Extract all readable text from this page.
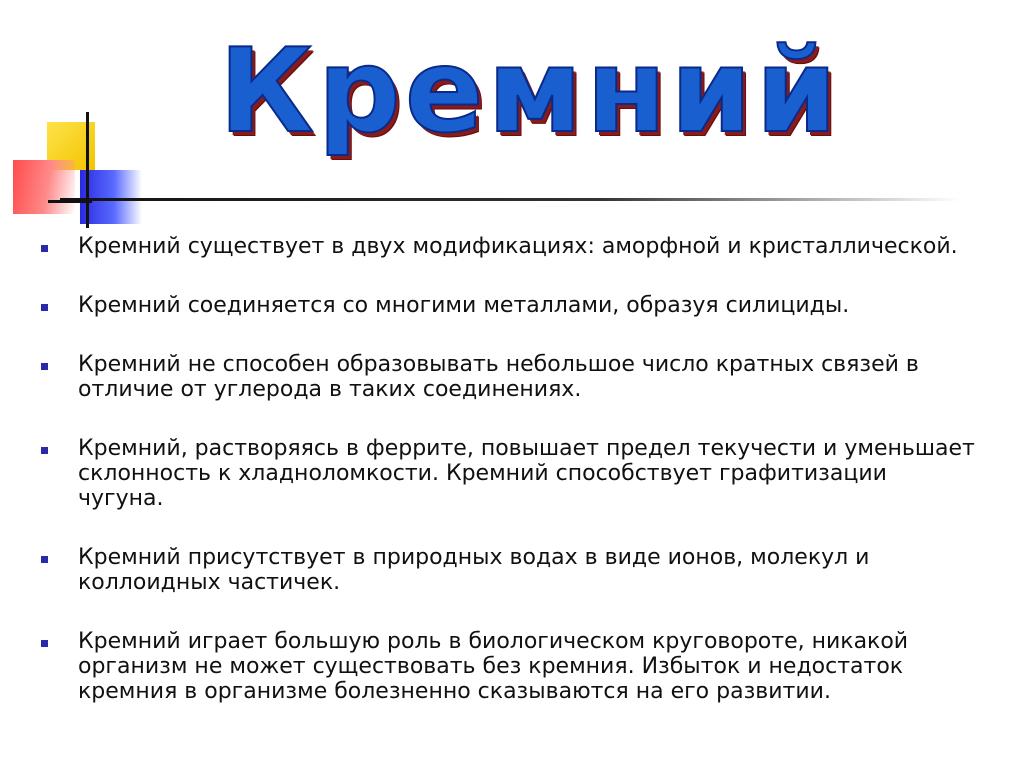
Кремний
Кремний существует в двух модификациях: аморфной и кристаллической.
Кремний соединяется со многими металлами, образуя силициды.
Кремний не способен образовывать небольшое число кратных связей в отличие от углерода в таких соединениях.
Кремний, растворяясь в феррите, повышает предел текучести и уменьшает склонность к хладноломкости. Кремний способствует графитизации чугуна.
Кремний присутствует в природных водах в виде ионов, молекул и коллоидных частичек.
Кремний играет большую роль в биологическом круговороте, никакой организм не может существовать без кремния. Избыток и недостаток кремния в организме болезненно сказываются на его развитии.
